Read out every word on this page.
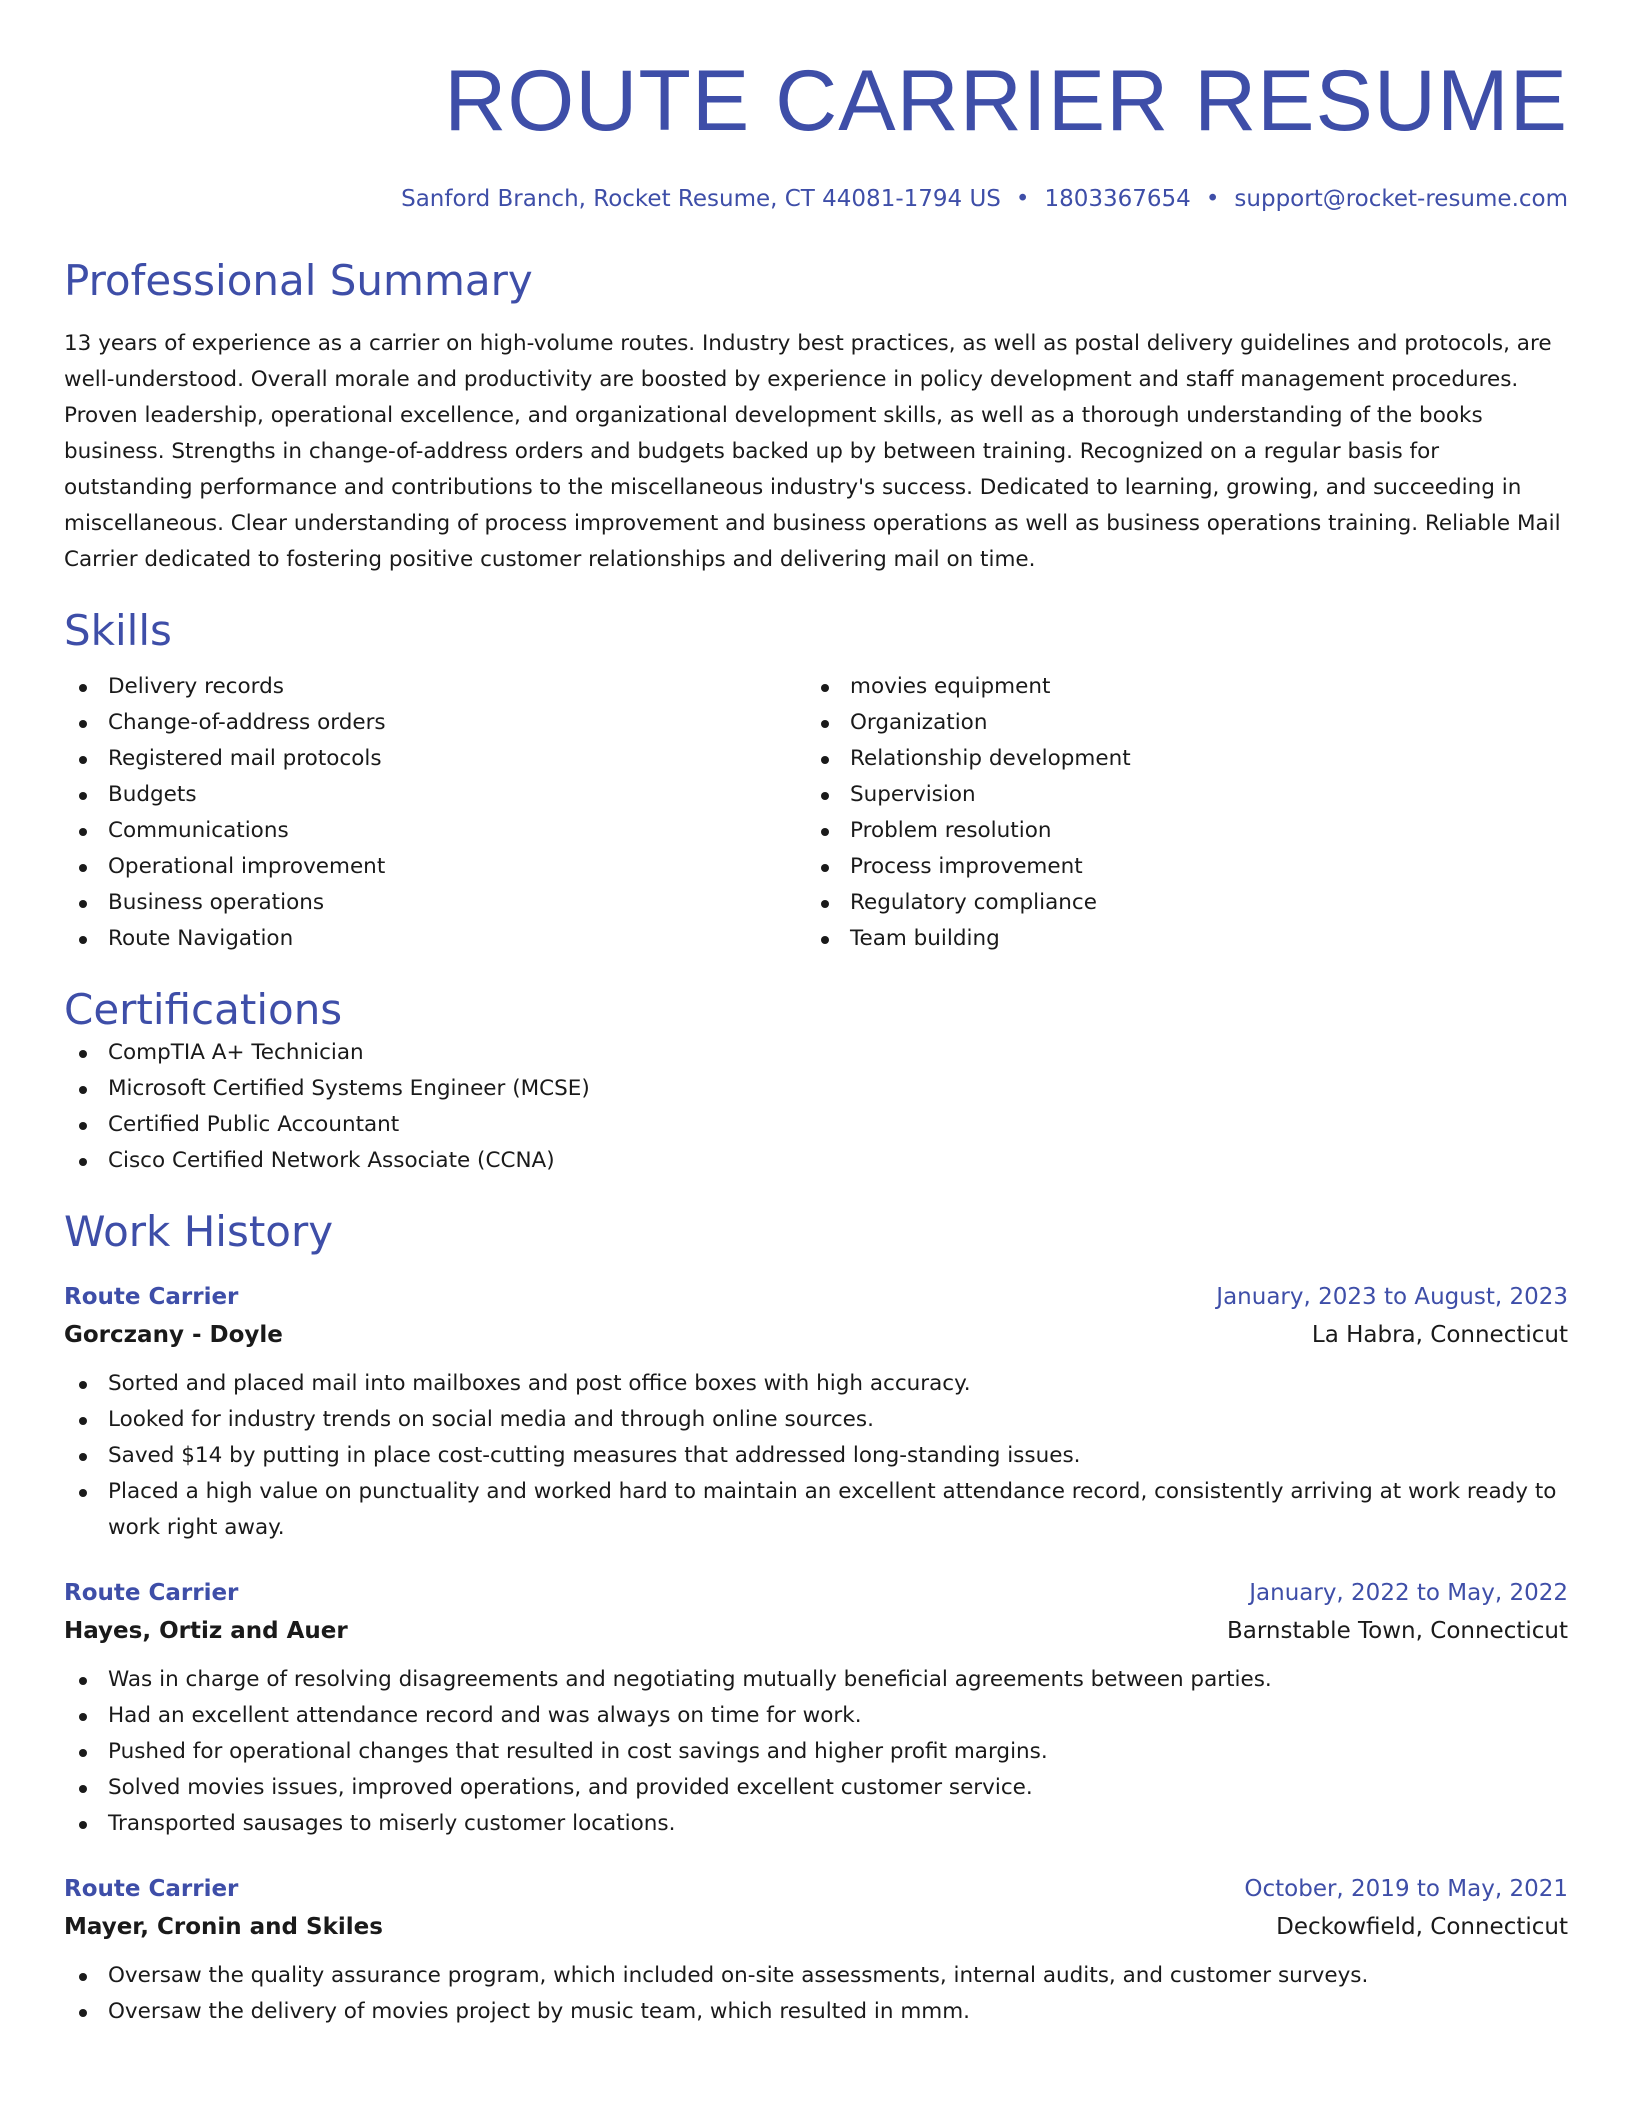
ROUTE CARRIER RESUME
Sanford Branch, Rocket Resume, CT 44081-1794 US • 1803367654 • support@rocket-resume.com
Professional Summary

13 years of experience as a carrier on high-volume routes. Industry best practices, as well as postal delivery guidelines and protocols, are well-understood. Overall morale and productivity are boosted by experience in policy development and staff management procedures. Proven leadership, operational excellence, and organizational development skills, as well as a thorough understanding of the books business. Strengths in change-of-address orders and budgets backed up by between training. Recognized on a regular basis for outstanding performance and contributions to the miscellaneous industry's success. Dedicated to learning, growing, and succeeding in miscellaneous. Clear understanding of process improvement and business operations as well as business operations training. Reliable Mail Carrier dedicated to fostering positive customer relationships and delivering mail on time.

Skills
Delivery records
Change-of-address orders
Registered mail protocols
Budgets
Communications
Operational improvement
Business operations
Route Navigation
movies equipment
Organization
Relationship development
Supervision
Problem resolution
Process improvement
Regulatory compliance
Team building
Certifications
CompTIA A+ Technician
Microsoft Certified Systems Engineer (MCSE)
Certified Public Accountant
Cisco Certified Network Associate (CCNA)
Work History
Route Carrier	January, 2023 to August, 2023
Gorczany - Doyle	La Habra, Connecticut
Sorted and placed mail into mailboxes and post office boxes with high accuracy.
Looked for industry trends on social media and through online sources.
Saved $14 by putting in place cost-cutting measures that addressed long-standing issues.
Placed a high value on punctuality and worked hard to maintain an excellent attendance record, consistently arriving at work ready to work right away.
Route Carrier	January, 2022 to May, 2022
Hayes, Ortiz and Auer	Barnstable Town, Connecticut
Was in charge of resolving disagreements and negotiating mutually beneficial agreements between parties.
Had an excellent attendance record and was always on time for work.
Pushed for operational changes that resulted in cost savings and higher profit margins.
Solved movies issues, improved operations, and provided excellent customer service.
Transported sausages to miserly customer locations.
Route Carrier	October, 2019 to May, 2021
Mayer, Cronin and Skiles	Deckowfield, Connecticut
Oversaw the quality assurance program, which included on-site assessments, internal audits, and customer surveys.
Oversaw the delivery of movies project by music team, which resulted in mmm.
